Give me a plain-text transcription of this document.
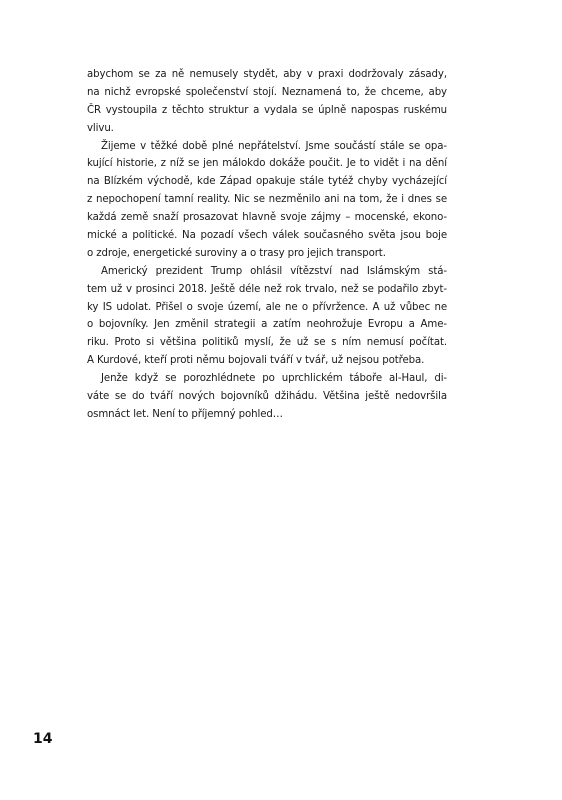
abychom se za ně nemusely stydět, aby v praxi dodržovaly zásady,
na nichž evropské společenství stojí. Neznamená to, že chceme, aby
ČR vystoupila z těchto struktur a vydala se úplně napospas ruskému
vlivu.
Žijeme v těžké době plné nepřátelství. Jsme součástí stále se opa-
kující historie, z níž se jen málokdo dokáže poučit. Je to vidět i na dění
na Blízkém východě, kde Západ opakuje stále tytéž chyby vycházející
z nepochopení tamní reality. Nic se nezměnilo ani na tom, že i dnes se
každá země snaží prosazovat hlavně svoje zájmy – mocenské, ekono-
mické a politické. Na pozadí všech válek současného světa jsou boje
o zdroje, energetické suroviny a o trasy pro jejich transport.
Americký prezident Trump ohlásil vítězství nad Islámským stá-
tem už v prosinci 2018. Ještě déle než rok trvalo, než se podařilo zbyt-
ky IS udolat. Přišel o svoje území, ale ne o přívržence. A už vůbec ne
o bojovníky. Jen změnil strategii a zatím neohrožuje Evropu a Ame-
riku. Proto si většina politiků myslí, že už se s ním nemusí počítat.
A Kurdové, kteří proti němu bojovali tváří v tvář, už nejsou potřeba.
Jenže když se porozhlédnete po uprchlickém táboře al-Haul, di-
váte se do tváří nových bojovníků džihádu. Většina ještě nedovršila
osmnáct let. Není to příjemný pohled…
14
